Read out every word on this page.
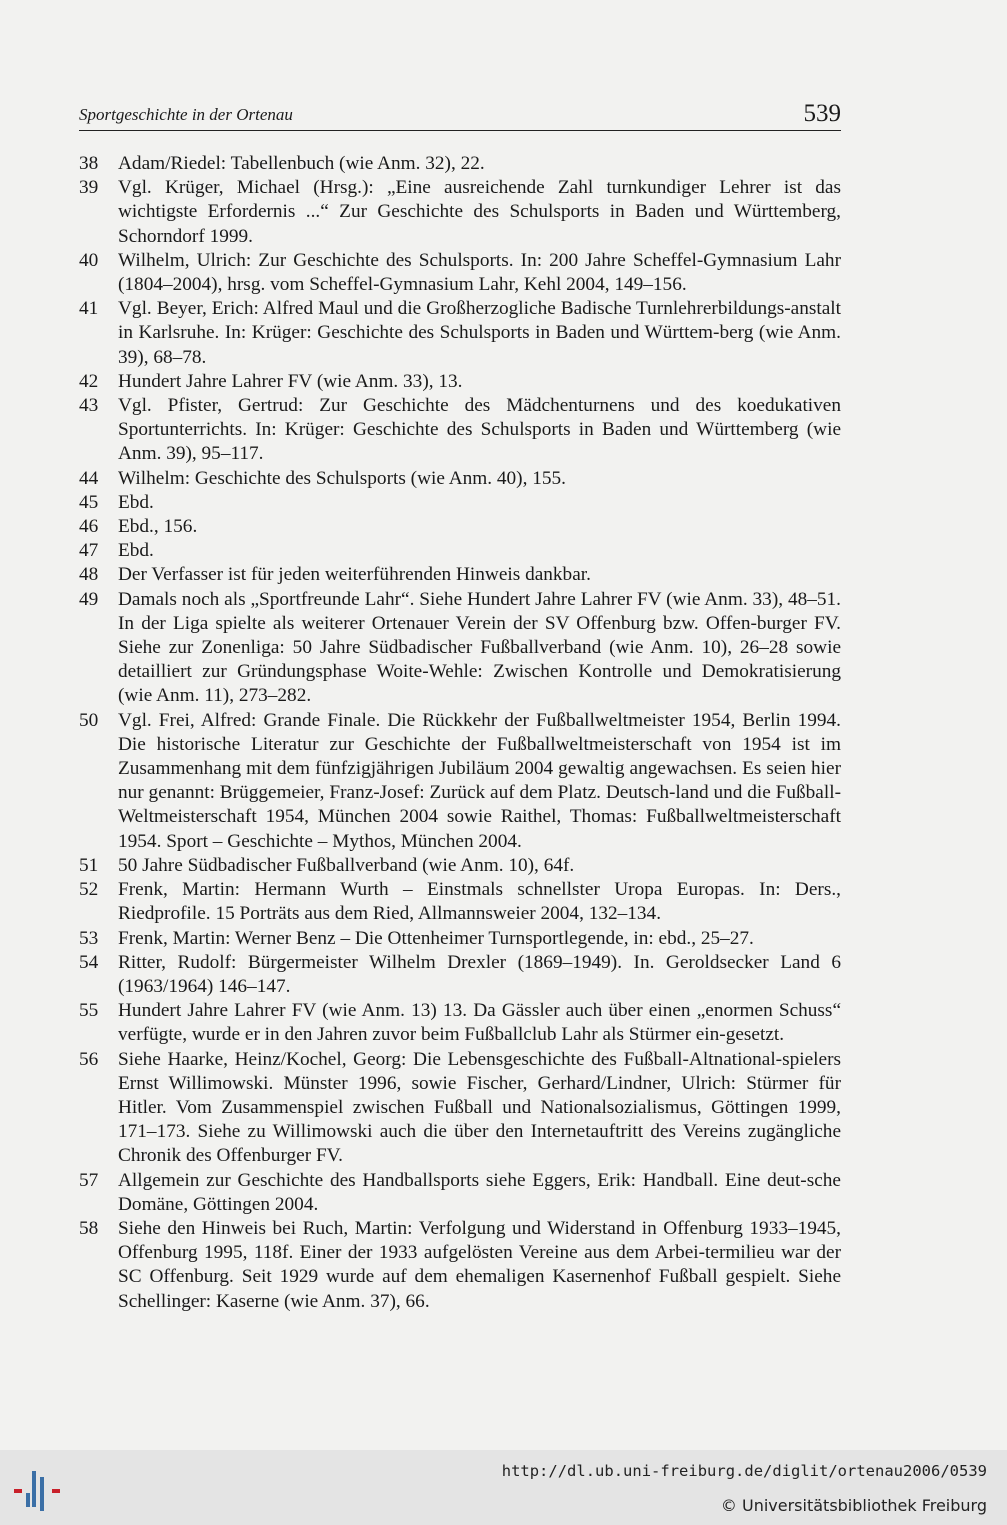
Sportgeschichte in der Ortenau	539
38 Adam/Riedel: Tabellenbuch (wie Anm. 32), 22.
39 Vgl. Krüger, Michael (Hrsg.): „Eine ausreichende Zahl turnkundiger Lehrer ist das wichtigste Erfordernis ...“ Zur Geschichte des Schulsports in Baden und Württemberg, Schorndorf 1999.
40 Wilhelm, Ulrich: Zur Geschichte des Schulsports. In: 200 Jahre Scheffel-Gymnasium Lahr (1804–2004), hrsg. vom Scheffel-Gymnasium Lahr, Kehl 2004, 149–156.
41 Vgl. Beyer, Erich: Alfred Maul und die Großherzogliche Badische Turnlehrerbildungs-anstalt in Karlsruhe. In: Krüger: Geschichte des Schulsports in Baden und Württem-berg (wie Anm. 39), 68–78.
42 Hundert Jahre Lahrer FV (wie Anm. 33), 13.
43 Vgl. Pfister, Gertrud: Zur Geschichte des Mädchenturnens und des koedukativen Sportunterrichts. In: Krüger: Geschichte des Schulsports in Baden und Württemberg (wie Anm. 39), 95–117.
44 Wilhelm: Geschichte des Schulsports (wie Anm. 40), 155.
45 Ebd.
46 Ebd., 156.
47 Ebd.
48 Der Verfasser ist für jeden weiterführenden Hinweis dankbar.
49 Damals noch als „Sportfreunde Lahr“. Siehe Hundert Jahre Lahrer FV (wie Anm. 33), 48–51. In der Liga spielte als weiterer Ortenauer Verein der SV Offenburg bzw. Offen-burger FV. Siehe zur Zonenliga: 50 Jahre Südbadischer Fußballverband (wie Anm. 10), 26–28 sowie detailliert zur Gründungsphase Woite-Wehle: Zwischen Kontrolle und Demokratisierung (wie Anm. 11), 273–282.
50 Vgl. Frei, Alfred: Grande Finale. Die Rückkehr der Fußballweltmeister 1954, Berlin 1994. Die historische Literatur zur Geschichte der Fußballweltmeisterschaft von 1954 ist im Zusammenhang mit dem fünfzigjährigen Jubiläum 2004 gewaltig angewachsen. Es seien hier nur genannt: Brüggemeier, Franz-Josef: Zurück auf dem Platz. Deutsch-land und die Fußball-Weltmeisterschaft 1954, München 2004 sowie Raithel, Thomas: Fußballweltmeisterschaft 1954. Sport – Geschichte – Mythos, München 2004.
51 50 Jahre Südbadischer Fußballverband (wie Anm. 10), 64f.
52 Frenk, Martin: Hermann Wurth – Einstmals schnellster Uropa Europas. In: Ders., Riedprofile. 15 Porträts aus dem Ried, Allmannsweier 2004, 132–134.
53 Frenk, Martin: Werner Benz – Die Ottenheimer Turnsportlegende, in: ebd., 25–27.
54 Ritter, Rudolf: Bürgermeister Wilhelm Drexler (1869–1949). In. Geroldsecker Land 6 (1963/1964) 146–147.
55 Hundert Jahre Lahrer FV (wie Anm. 13) 13. Da Gässler auch über einen „enormen Schuss“ verfügte, wurde er in den Jahren zuvor beim Fußballclub Lahr als Stürmer ein-gesetzt.
56 Siehe Haarke, Heinz/Kochel, Georg: Die Lebensgeschichte des Fußball-Altnational-spielers Ernst Willimowski. Münster 1996, sowie Fischer, Gerhard/Lindner, Ulrich: Stürmer für Hitler. Vom Zusammenspiel zwischen Fußball und Nationalsozialismus, Göttingen 1999, 171–173. Siehe zu Willimowski auch die über den Internetauftritt des Vereins zugängliche Chronik des Offenburger FV.
57 Allgemein zur Geschichte des Handballsports siehe Eggers, Erik: Handball. Eine deut-sche Domäne, Göttingen 2004.
58 Siehe den Hinweis bei Ruch, Martin: Verfolgung und Widerstand in Offenburg 1933–1945, Offenburg 1995, 118f. Einer der 1933 aufgelösten Vereine aus dem Arbei-termilieu war der SC Offenburg. Seit 1929 wurde auf dem ehemaligen Kasernenhof Fußball gespielt. Siehe Schellinger: Kaserne (wie Anm. 37), 66.
http://dl.ub.uni-freiburg.de/diglit/ortenau2006/0539
© Universitätsbibliothek Freiburg
